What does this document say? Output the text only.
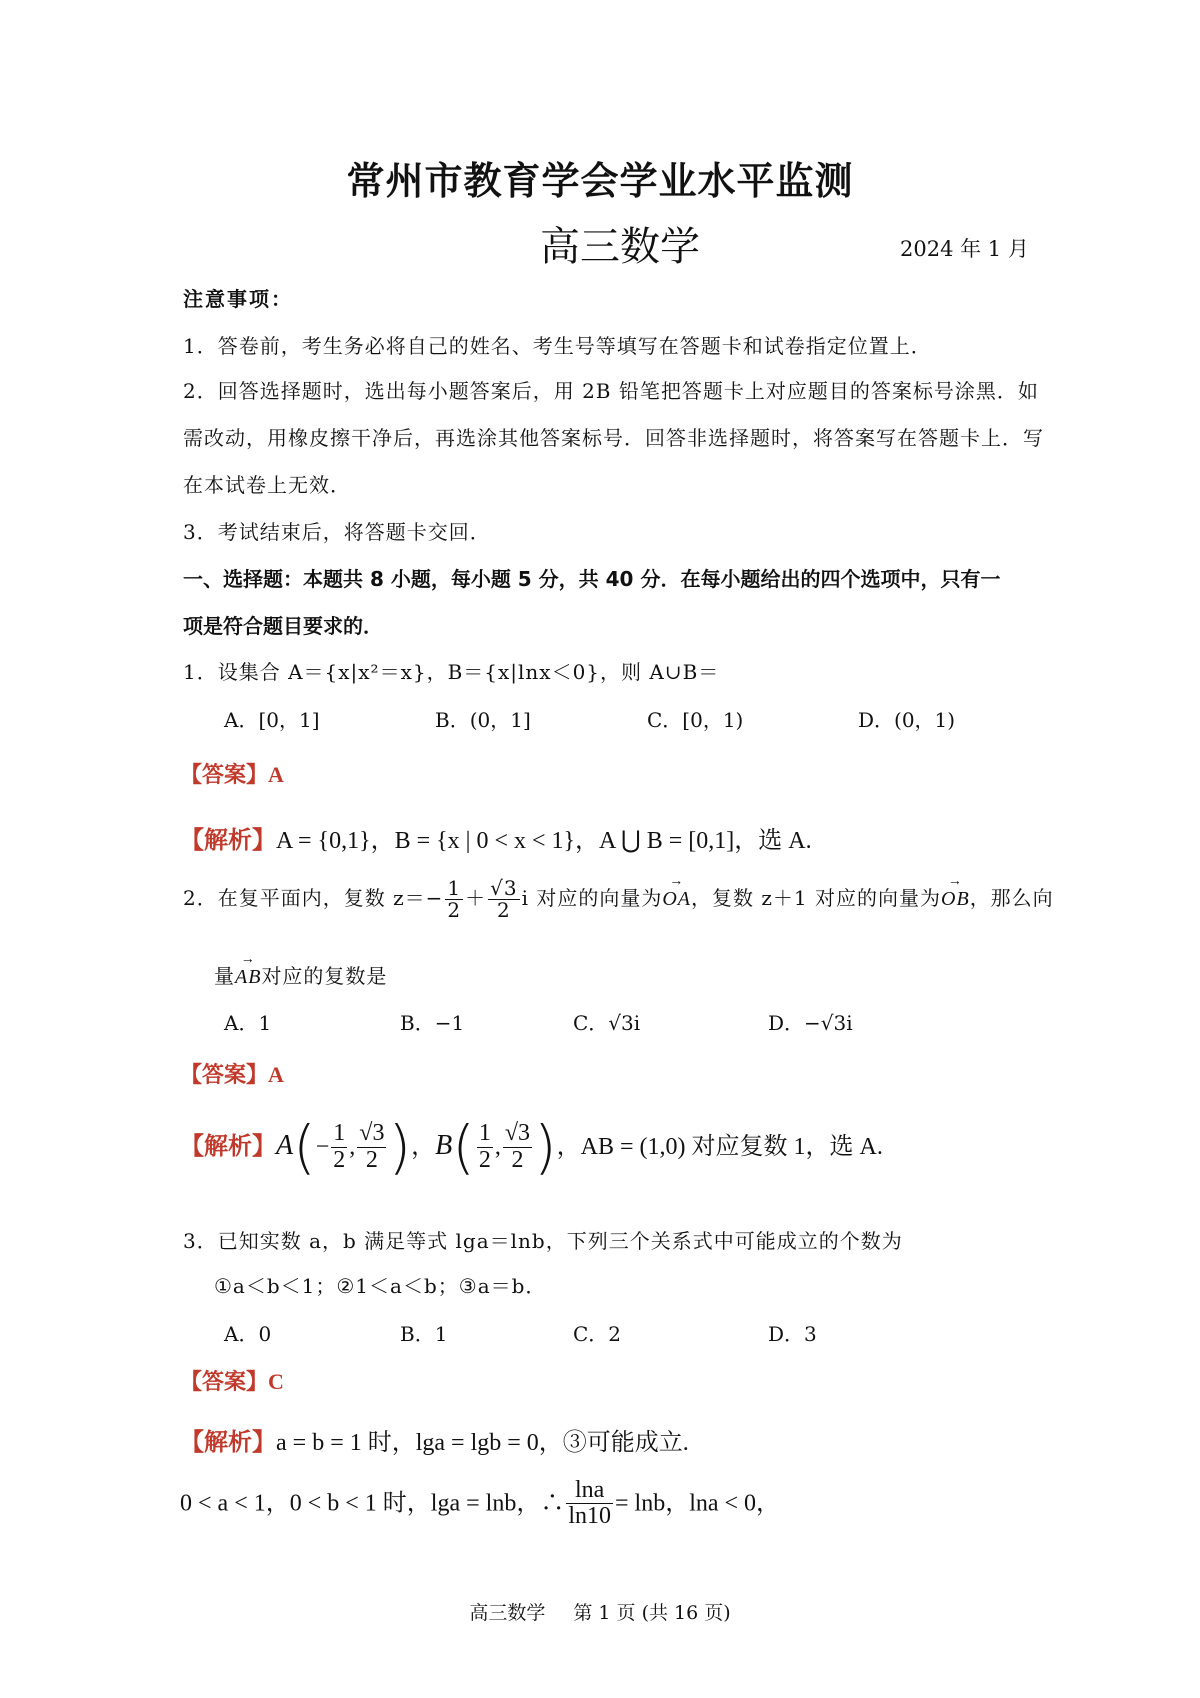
常州市教育学会学业水平监测
高三数学	2024 年 1 月
注意事项：
1．答卷前，考生务必将自己的姓名、考生号等填写在答题卡和试卷指定位置上．
2．回答选择题时，选出每小题答案后，用 2B 铅笔把答题卡上对应题目的答案标号涂黑．如
需改动，用橡皮擦干净后，再选涂其他答案标号．回答非选择题时，将答案写在答题卡上．写
在本试卷上无效．
3．考试结束后，将答题卡交回．
一、选择题：本题共 8 小题，每小题 5 分，共 40 分．在每小题给出的四个选项中，只有一
项是符合题目要求的．
1．设集合 A＝{x|x²＝x}，B＝{x|lnx＜0}，则 A∪B＝
A．[0，1]	B．(0，1]	C．[0，1)	D．(0，1)
【答案】A
【解析】A = {0,1}，B = {x | 0 < x < 1}，A ⋃ B = [0,1]，选 A.
2．在复平面内，复数 $z=- \frac{1}{2} + \frac{√3}{2}$ i 对应的向量为→ OA，复数 z＋1 对应的向量为→ OB，那么向
量→ AB对应的复数是
A．1	B．−1	C．√3i	D．−√3i
【答案】A
【解析】$A(- \frac{1}{2}$ , $\frac{√3}{2}$ )，$B( \frac{1}{2}$ , $\frac{√3}{2}$ )，AB = (1,0) 对应复数 1，选 A.
3．已知实数 a，b 满足等式 lga＝lnb，下列三个关系式中可能成立的个数为
①a＜b＜1；②1＜a＜b；③a＝b．
A．0	B．1	C．2	D．3
【答案】C
【解析】a = b = 1 时，lga = lgb = 0，③可能成立.
0 < a < 1，0 < b < 1 时，lga = lnb，∴ $\frac{\ln a}{\ln 10} = \ln b$，lna < 0，
高三数学 第 1 页 (共 16 页)
